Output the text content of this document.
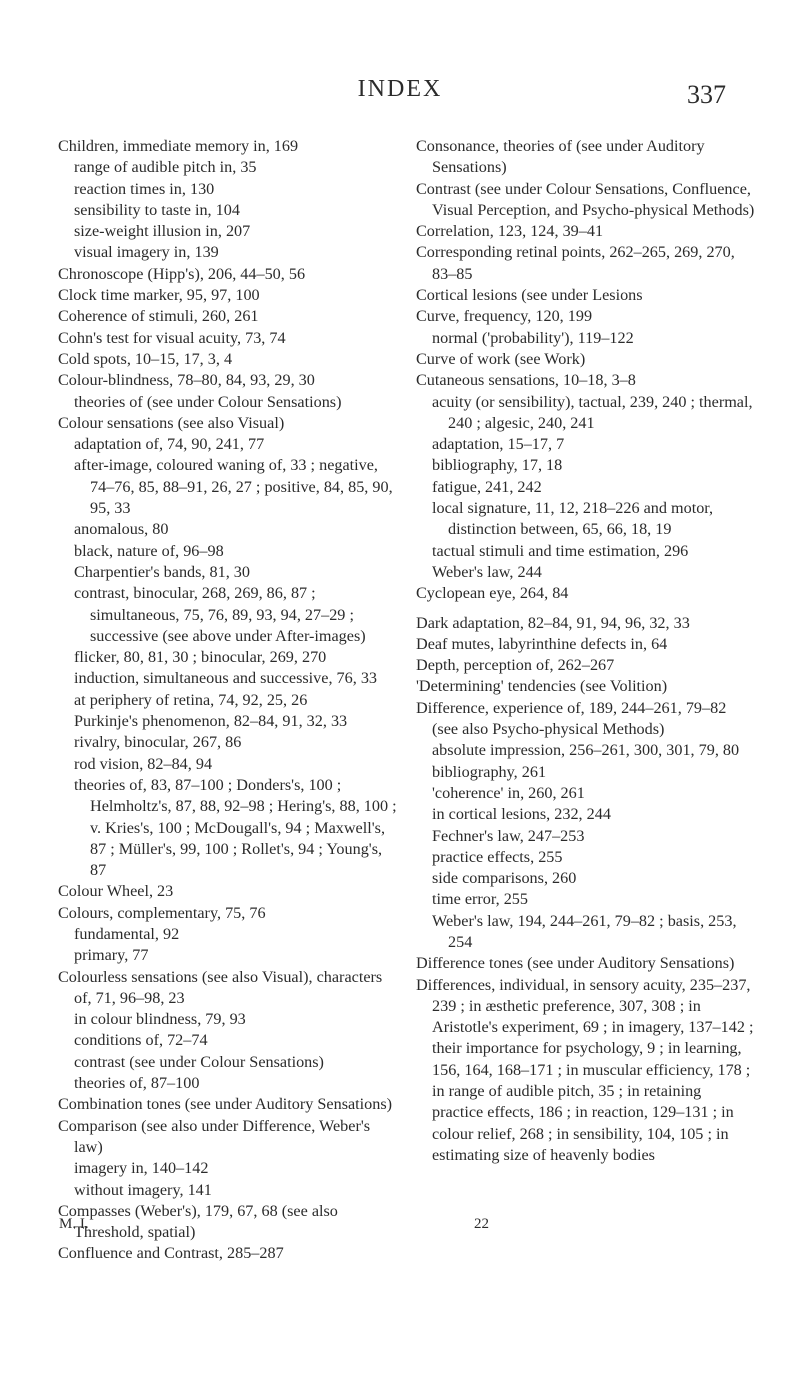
INDEX	337

Children, immediate memory in, 169

range of audible pitch in, 35

reaction times in, 130

sensibility to taste in, 104

size-weight illusion in, 207

visual imagery in, 139

Chronoscope (Hipp's), 206, 44–50, 56

Clock time marker, 95, 97, 100

Coherence of stimuli, 260, 261

Cohn's test for visual acuity, 73, 74

Cold spots, 10–15, 17, 3, 4

Colour-blindness, 78–80, 84, 93, 29, 30

theories of (see under Colour Sensations)

Colour sensations (see also Visual)

adaptation of, 74, 90, 241, 77

after-image, coloured waning of, 33 ; negative, 74–76, 85, 88–91, 26, 27 ; positive, 84, 85, 90, 95, 33

anomalous, 80

black, nature of, 96–98

Charpentier's bands, 81, 30

contrast, binocular, 268, 269, 86, 87 ; simultaneous, 75, 76, 89, 93, 94, 27–29 ; successive (see above under After-images)

flicker, 80, 81, 30 ; binocular, 269, 270

induction, simultaneous and successive, 76, 33

at periphery of retina, 74, 92, 25, 26

Purkinje's phenomenon, 82–84, 91, 32, 33

rivalry, binocular, 267, 86

rod vision, 82–84, 94

theories of, 83, 87–100 ; Donders's, 100 ; Helmholtz's, 87, 88, 92–98 ; Hering's, 88, 100 ; v. Kries's, 100 ; McDougall's, 94 ; Maxwell's, 87 ; Müller's, 99, 100 ; Rollet's, 94 ; Young's, 87

Colour Wheel, 23

Colours, complementary, 75, 76

fundamental, 92

primary, 77

Colourless sensations (see also Visual), characters of, 71, 96–98, 23

in colour blindness, 79, 93

conditions of, 72–74

contrast (see under Colour Sensations)

theories of, 87–100

Combination tones (see under Auditory Sensations)

Comparison (see also under Difference, Weber's law)

imagery in, 140–142

without imagery, 141

Compasses (Weber's), 179, 67, 68 (see also Threshold, spatial)

Confluence and Contrast, 285–287

Consonance, theories of (see under Auditory Sensations)

Contrast (see under Colour Sensations, Confluence, Visual Perception, and Psycho-physical Methods)

Correlation, 123, 124, 39–41

Corresponding retinal points, 262–265, 269, 270, 83–85

Cortical lesions (see under Lesions

Curve, frequency, 120, 199

normal ('probability'), 119–122

Curve of work (see Work)

Cutaneous sensations, 10–18, 3–8

acuity (or sensibility), tactual, 239, 240 ; thermal, 240 ; algesic, 240, 241

adaptation, 15–17, 7

bibliography, 17, 18

fatigue, 241, 242

local signature, 11, 12, 218–226 and motor, distinction between, 65, 66, 18, 19

tactual stimuli and time estimation, 296

Weber's law, 244

Cyclopean eye, 264, 84

Dark adaptation, 82–84, 91, 94, 96, 32, 33

Deaf mutes, labyrinthine defects in, 64

Depth, perception of, 262–267

'Determining' tendencies (see Volition)

Difference, experience of, 189, 244–261, 79–82 (see also Psycho-physical Methods)

absolute impression, 256–261, 300, 301, 79, 80

bibliography, 261

'coherence' in, 260, 261

in cortical lesions, 232, 244

Fechner's law, 247–253

practice effects, 255

side comparisons, 260

time error, 255

Weber's law, 194, 244–261, 79–82 ; basis, 253, 254

Difference tones (see under Auditory Sensations)

Differences, individual, in sensory acuity, 235–237, 239 ; in æsthetic preference, 307, 308 ; in Aristotle's experiment, 69 ; in imagery, 137–142 ; their importance for psychology, 9 ; in learning, 156, 164, 168–171 ; in muscular efficiency, 178 ; in range of audible pitch, 35 ; in retaining practice effects, 186 ; in reaction, 129–131 ; in colour relief, 268 ; in sensibility, 104, 105 ; in estimating size of heavenly bodies

M. I.	22
